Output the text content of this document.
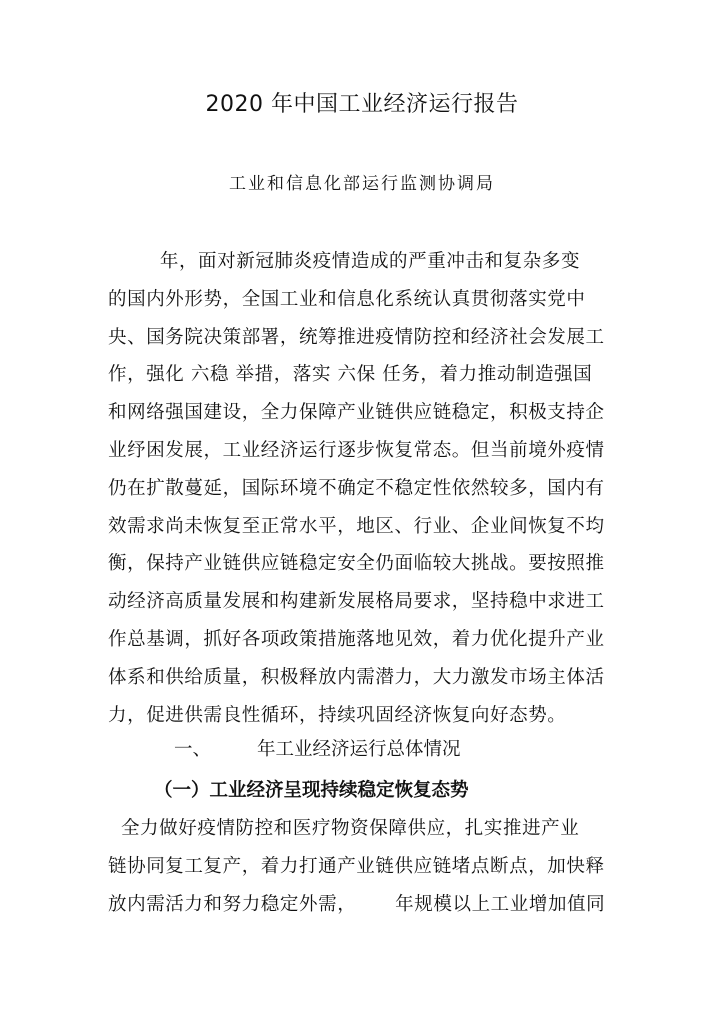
2020 年中国工业经济运行报告
工业和信息化部运行监测协调局
年，面对新冠肺炎疫情造成的严重冲击和复杂多变
的国内外形势，全国工业和信息化系统认真贯彻落实党中
央、国务院决策部署，统筹推进疫情防控和经济社会发展工
作，强化 六稳 举措，落实 六保 任务，着力推动制造强国
和网络强国建设，全力保障产业链供应链稳定，积极支持企
业纾困发展，工业经济运行逐步恢复常态。但当前境外疫情
仍在扩散蔓延，国际环境不确定不稳定性依然较多，国内有
效需求尚未恢复至正常水平，地区、行业、企业间恢复不均
衡，保持产业链供应链稳定安全仍面临较大挑战。要按照推
动经济高质量发展和构建新发展格局要求，坚持稳中求进工
作总基调，抓好各项政策措施落地见效，着力优化提升产业
体系和供给质量，积极释放内需潜力，大力激发市场主体活
力，促进供需良性循环，持续巩固经济恢复向好态势。
一、 年工业经济运行总体情况
（一）工业经济呈现持续稳定恢复态势
全力做好疫情防控和医疗物资保障供应，扎实推进产业
链协同复工复产，着力打通产业链供应链堵点断点，加快释
放内需活力和努力稳定外需，      年规模以上工业增加值同
